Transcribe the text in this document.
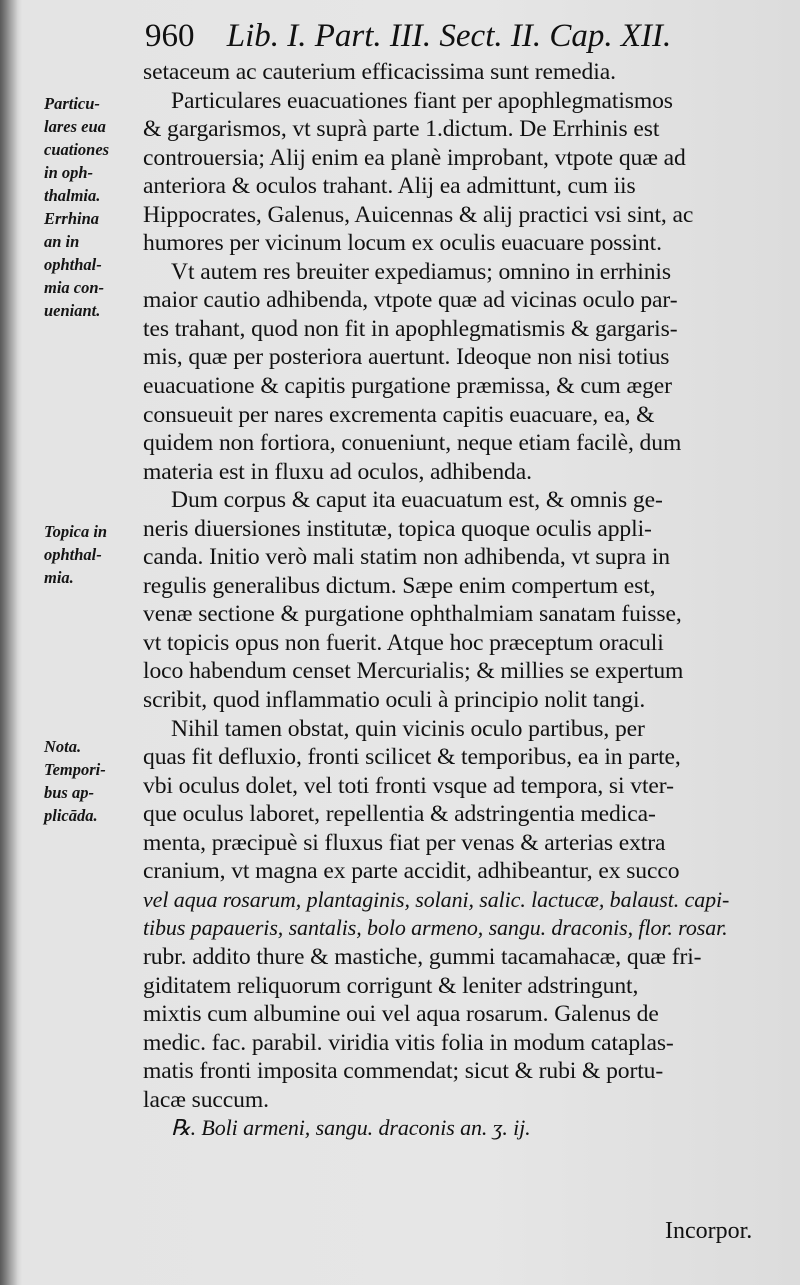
960 Lib. I. Part. III. Sect. II. Cap. XII.
Particu-
lares eua
cuationes
in oph-
thalmia.
Errhina
an in
ophthal-
mia con-
ueniant.
Topica in
ophthal-
mia.
Nota.
Tempori-
bus ap-
plicāda.
setaceum ac cauterium efficacissima sunt remedia.
Particulares euacuationes fiant per apophlegmatismos
& gargarismos, vt suprà parte 1.dictum. De Errhinis est
controuersia; Alij enim ea planè improbant, vtpote quæ ad
anteriora & oculos trahant. Alij ea admittunt, cum iis
Hippocrates, Galenus, Auicennas & alij practici vsi sint, ac
humores per vicinum locum ex oculis euacuare possint.
Vt autem res breuiter expediamus; omnino in errhinis
maior cautio adhibenda, vtpote quæ ad vicinas oculo par-
tes trahant, quod non fit in apophlegmatismis & gargaris-
mis, quæ per posteriora auertunt. Ideoque non nisi totius
euacuatione & capitis purgatione præmissa, & cum æger
consueuit per nares excrementa capitis euacuare, ea, &
quidem non fortiora, conueniunt, neque etiam facilè, dum
materia est in fluxu ad oculos, adhibenda.
Dum corpus & caput ita euacuatum est, & omnis ge-
neris diuersiones institutæ, topica quoque oculis appli-
canda. Initio verò mali statim non adhibenda, vt supra in
regulis generalibus dictum. Sæpe enim compertum est,
venæ sectione & purgatione ophthalmiam sanatam fuisse,
vt topicis opus non fuerit. Atque hoc præceptum oraculi
loco habendum censet Mercurialis; & millies se expertum
scribit, quod inflammatio oculi à principio nolit tangi.
Nihil tamen obstat, quin vicinis oculo partibus, per
quas fit defluxio, fronti scilicet & temporibus, ea in parte,
vbi oculus dolet, vel toti fronti vsque ad tempora, si vter-
que oculus laboret, repellentia & adstringentia medica-
menta, præcipuè si fluxus fiat per venas & arterias extra
cranium, vt magna ex parte accidit, adhibeantur, ex succo
vel aqua rosarum, plantaginis, solani, salic. lactucæ, balaust. capi-
tibus papaueris, santalis, bolo armeno, sangu. draconis, flor. rosar.
rubr. addito thure & mastiche, gummi tacamahacæ, quæ fri-
giditatem reliquorum corrigunt & leniter adstringunt,
mixtis cum albumine oui vel aqua rosarum. Galenus de
medic. fac. parabil. viridia vitis folia in modum cataplas-
matis fronti imposita commendat; sicut & rubi & portu-
lacæ succum.
℞. Boli armeni, sangu. draconis an. ʒ. ij.
Incorpor.
